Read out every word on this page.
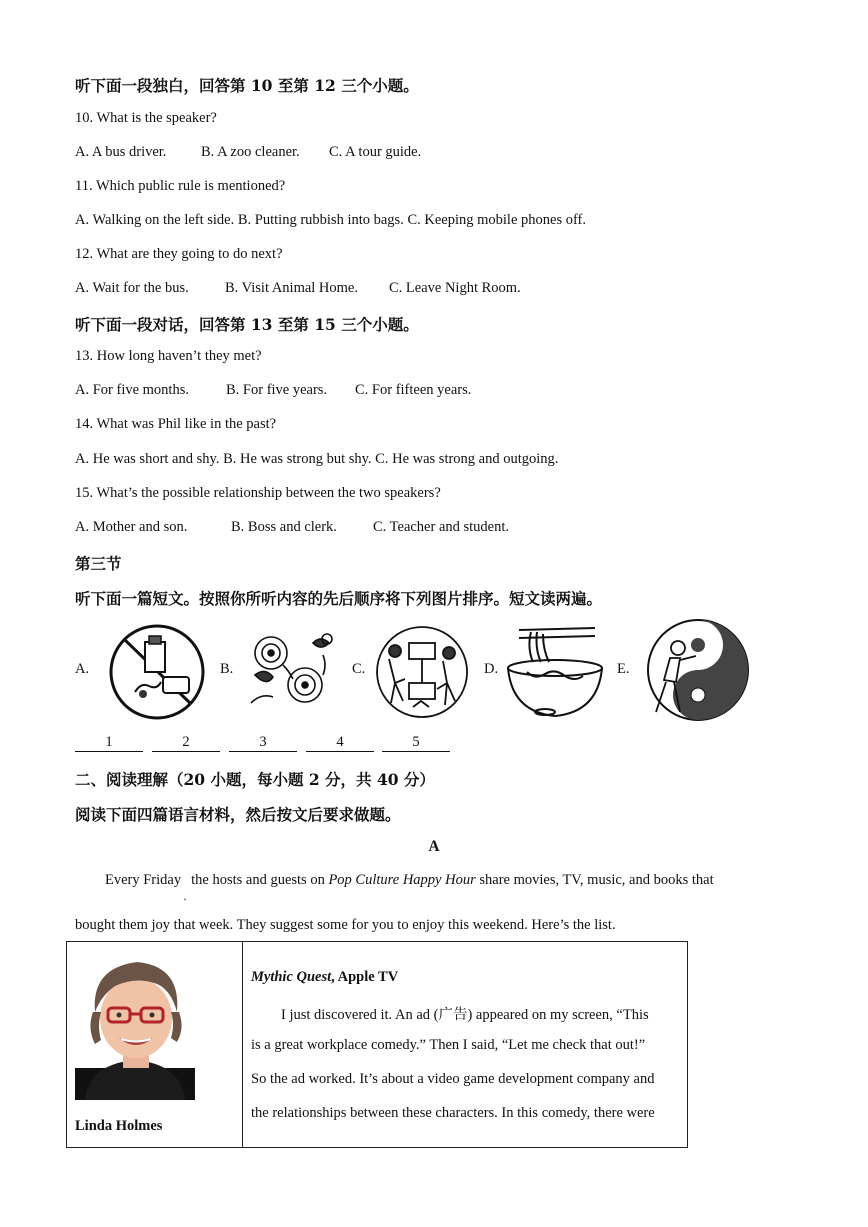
听下面一段独白，回答第 10 至第 12 三个小题。
10. What is the speaker?
A. A bus driver. B. A zoo cleaner. C. A tour guide.
11. Which public rule is mentioned?
A. Walking on the left side. B. Putting rubbish into bags. C. Keeping mobile phones off.
12. What are they going to do next?
A. Wait for the bus.	B. Visit Animal Home. C. Leave Night Room.
听下面一段对话，回答第 13 至第 15 三个小题。
13. How long haven’t they met?
A. For five months.	B. For five years. C. For fifteen years.
14. What was Phil like in the past?
A. He was short and shy. B. He was strong but shy. C. He was strong and outgoing.
15. What’s the possible relationship between the two speakers?
A. Mother and son.	B. Boss and clerk. C. Teacher and student.
第三节
听下面一篇短文。按照你所听内容的先后顺序将下列图片排序。短文读两遍。
A.	B.	C.	D.	E.
1	2	3	4	5
二、阅读理解（20 小题，每小题 2 分，共 40 分）
阅读下面四篇语言材料，然后按文后要求做题。
A
Every Friday$_ˏ$the hosts and guests on Pop Culture Happy Hour share movies, TV, music, and books that
bought them joy that week. They suggest some for you to enjoy this weekend. Here’s the list.
Linda Holmes
Mythic Quest, Apple TV
I just discovered it. An ad (广告) appeared on my screen, “This
is a great workplace comedy.” Then I said, “Let me check that out!”
So the ad worked. It’s about a video game development company and
the relationships between these characters. In this comedy, there were
